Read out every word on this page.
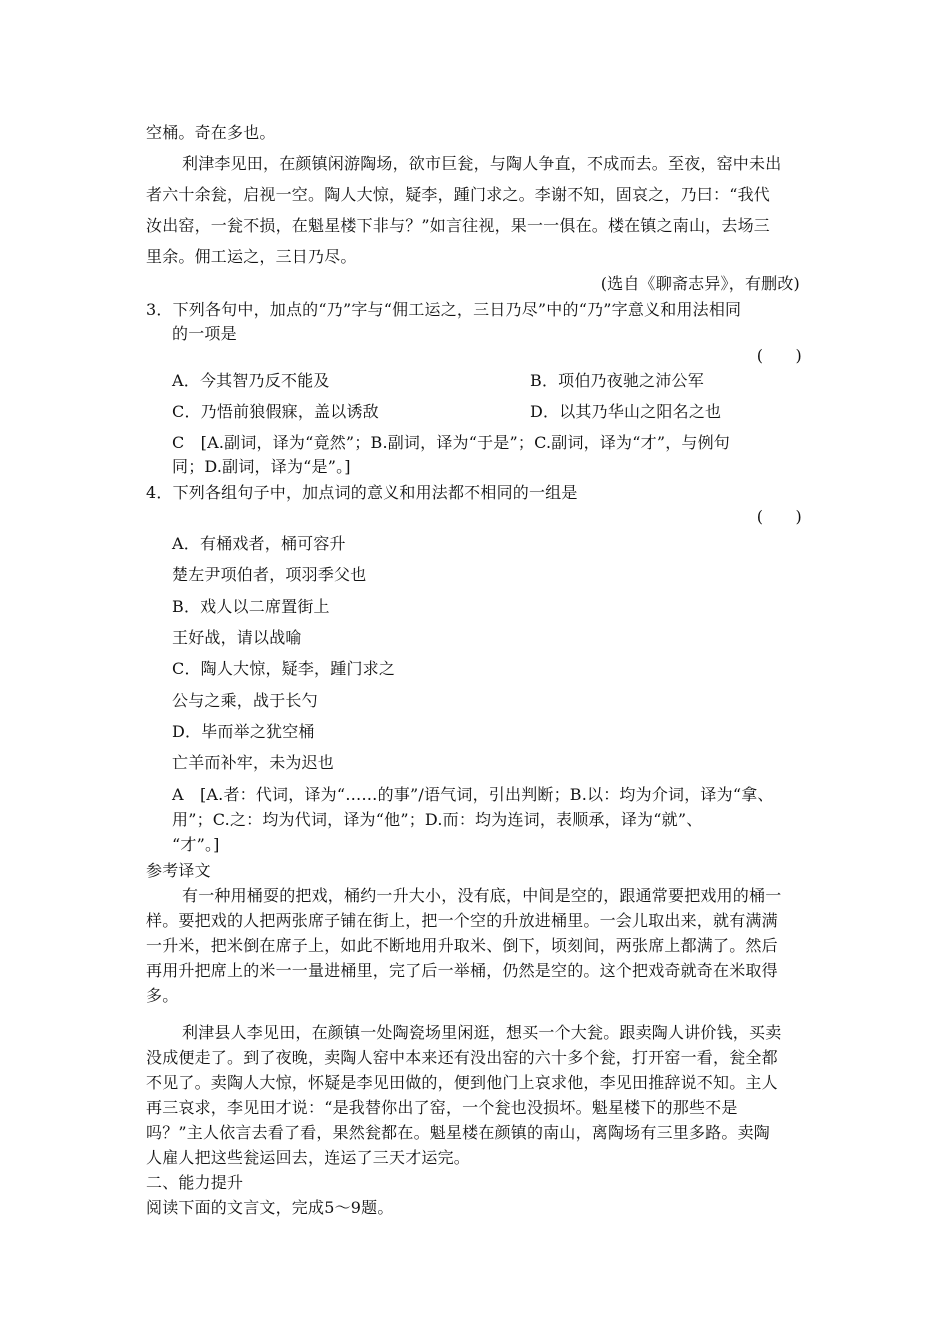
空桶。奇在多也。
利津李见田，在颜镇闲游陶场，欲市巨瓮，与陶人争直，不成而去。至夜，窑中未出
者六十余瓮，启视一空。陶人大惊，疑李，踵门求之。李谢不知，固哀之，乃曰：“我代
汝出窑，一瓮不损，在魁星楼下非与？”如言往视，果一一俱在。楼在镇之南山，去场三
里余。佣工运之，三日乃尽。
(选自《聊斋志异》，有删改)
3．下列各句中，加点的“乃”字与“佣工运之，三日乃尽”中的“乃”字意义和用法相同
的一项是
(　　)
A．今其智乃反不能及	B．项伯乃夜驰之沛公军
C．乃悟前狼假寐，盖以诱敌	D．以其乃华山之阳名之也
C　[A.副词，译为“竟然”；B.副词，译为“于是”；C.副词，译为“才”，与例句
同；D.副词，译为“是”。]
4．下列各组句子中，加点词的意义和用法都不相同的一组是
(　　)
A．有桶戏者，桶可容升
楚左尹项伯者，项羽季父也
B．戏人以二席置街上
王好战，请以战喻
C．陶人大惊，疑李，踵门求之
公与之乘，战于长勺
D．毕而举之犹空桶
亡羊而补牢，未为迟也
A　[A.者：代词，译为“……的事”/语气词，引出判断；B.以：均为介词，译为“拿、
用”；C.之：均为代词，译为“他”；D.而：均为连词，表顺承，译为“就”、
“才”。]
参考译文
有一种用桶耍的把戏，桶约一升大小，没有底，中间是空的，跟通常要把戏用的桶一
样。要把戏的人把两张席子铺在街上，把一个空的升放进桶里。一会儿取出来，就有满满
一升米，把米倒在席子上，如此不断地用升取米、倒下，顷刻间，两张席上都满了。然后
再用升把席上的米一一量进桶里，完了后一举桶，仍然是空的。这个把戏奇就奇在米取得
多。
利津县人李见田，在颜镇一处陶瓷场里闲逛，想买一个大瓮。跟卖陶人讲价钱，买卖
没成便走了。到了夜晚，卖陶人窑中本来还有没出窑的六十多个瓮，打开窑一看，瓮全都
不见了。卖陶人大惊，怀疑是李见田做的，便到他门上哀求他，李见田推辞说不知。主人
再三哀求，李见田才说：“是我替你出了窑，一个瓮也没损坏。魁星楼下的那些不是
吗？”主人依言去看了看，果然瓮都在。魁星楼在颜镇的南山，离陶场有三里多路。卖陶
人雇人把这些瓮运回去，连运了三天才运完。
二、能力提升
阅读下面的文言文，完成5～9题。
